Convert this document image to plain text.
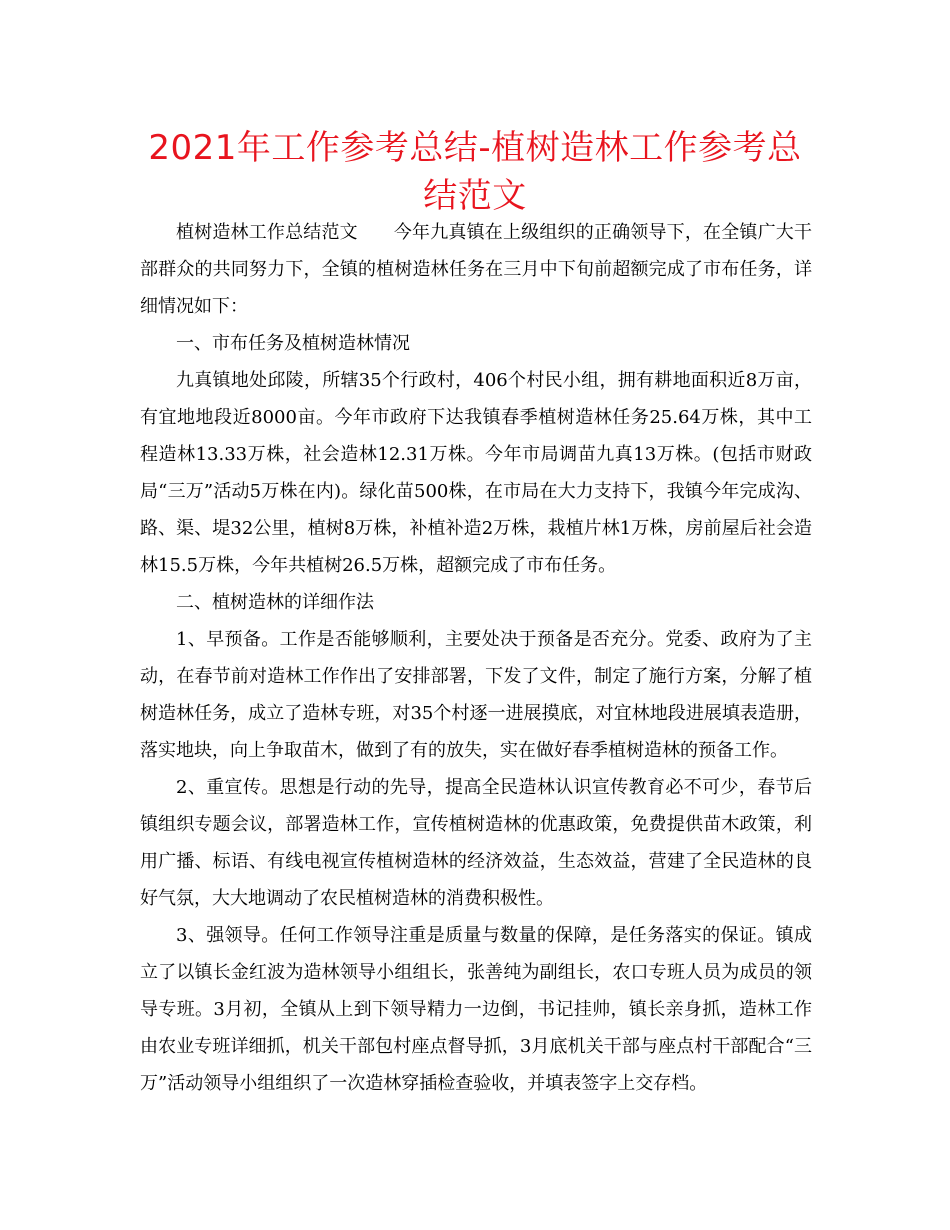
2021年工作参考总结-植树造林工作参考总结范文

植树造林工作总结范文 今年九真镇在上级组织的正确领导下，在全镇广大干部群众的共同努力下，全镇的植树造林任务在三月中下旬前超额完成了市布任务，详细情况如下：

一、市布任务及植树造林情况

九真镇地处邱陵，所辖35个行政村，406个村民小组，拥有耕地面积近8万亩，有宜地地段近8000亩。今年市政府下达我镇春季植树造林任务25.64万株，其中工程造林13.33万株，社会造林12.31万株。今年市局调苗九真13万株。(包括市财政局“三万”活动5万株在内)。绿化苗500株，在市局在大力支持下，我镇今年完成沟、路、渠、堤32公里，植树8万株，补植补造2万株，栽植片林1万株，房前屋后社会造林15.5万株，今年共植树26.5万株，超额完成了市布任务。

二、植树造林的详细作法

1、早预备。工作是否能够顺利，主要处决于预备是否充分。党委、政府为了主动，在春节前对造林工作作出了安排部署，下发了文件，制定了施行方案，分解了植树造林任务，成立了造林专班，对35个村逐一进展摸底，对宜林地段进展填表造册，落实地块，向上争取苗木，做到了有的放失，实在做好春季植树造林的预备工作。

2、重宣传。思想是行动的先导，提高全民造林认识宣传教育必不可少，春节后镇组织专题会议，部署造林工作，宣传植树造林的优惠政策，免费提供苗木政策，利用广播、标语、有线电视宣传植树造林的经济效益，生态效益，营建了全民造林的良好气氛，大大地调动了农民植树造林的消费积极性。

3、强领导。任何工作领导注重是质量与数量的保障，是任务落实的保证。镇成立了以镇长金红波为造林领导小组组长，张善纯为副组长，农口专班人员为成员的领导专班。3月初，全镇从上到下领导精力一边倒，书记挂帅，镇长亲身抓，造林工作由农业专班详细抓，机关干部包村座点督导抓，3月底机关干部与座点村干部配合“三万”活动领导小组组织了一次造林穿插检查验收，并填表签字上交存档。
